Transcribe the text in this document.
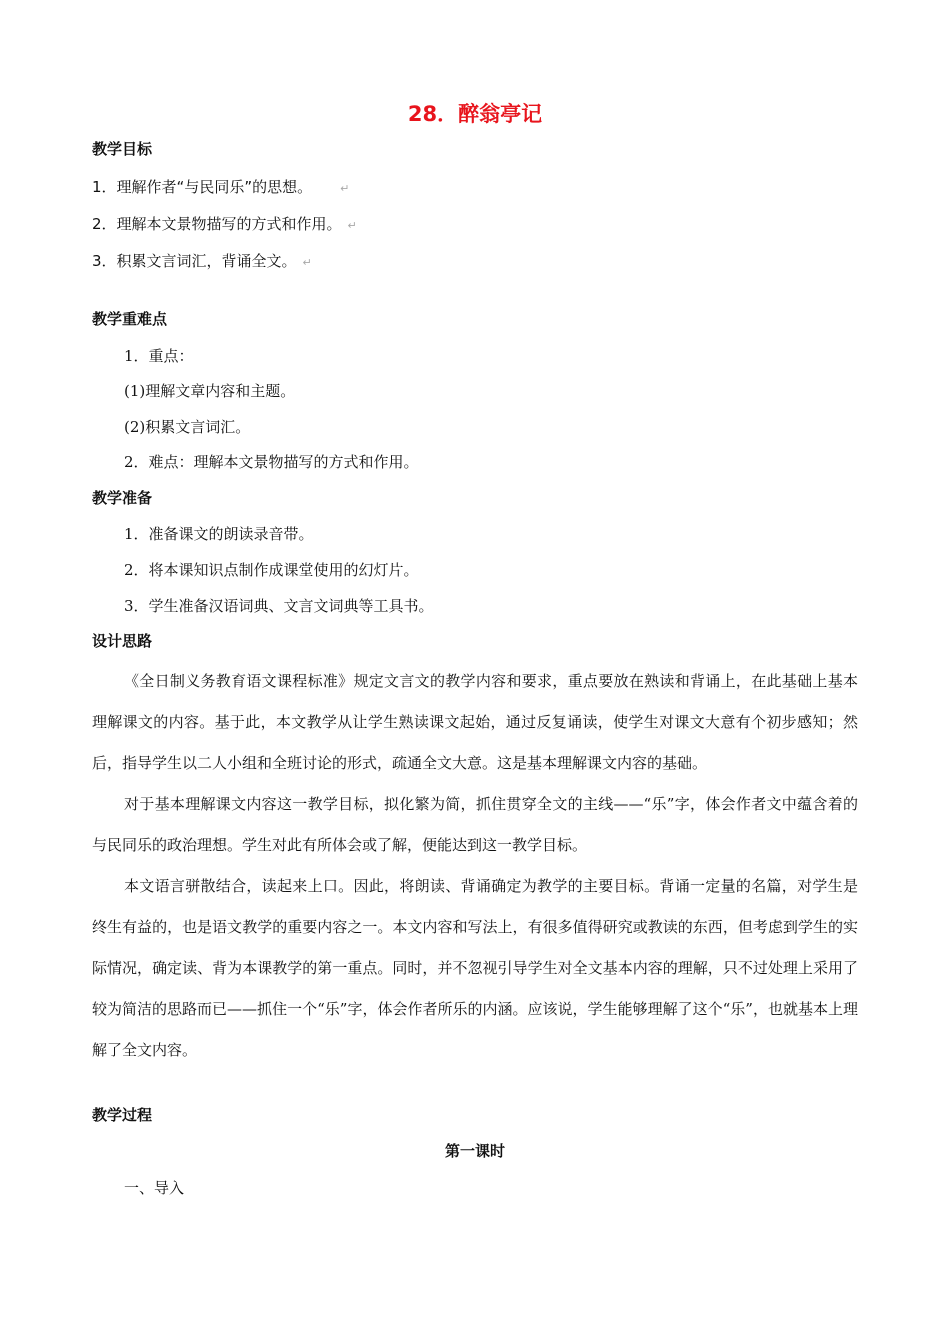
28．醉翁亭记
教学目标
1．理解作者“与民同乐”的思想。	↵
2．理解本文景物描写的方式和作用。 ↵
3．积累文言词汇，背诵全文。 ↵
教学重难点
1．重点：
(1)理解文章内容和主题。
(2)积累文言词汇。
2．难点：理解本文景物描写的方式和作用。
教学准备
1．准备课文的朗读录音带。
2．将本课知识点制作成课堂使用的幻灯片。
3．学生准备汉语词典、文言文词典等工具书。
设计思路

《全日制义务教育语文课程标准》规定文言文的教学内容和要求，重点要放在熟读和背诵上，在此基础上基本理解课文的内容。基于此，本文教学从让学生熟读课文起始，通过反复诵读，使学生对课文大意有个初步感知；然后，指导学生以二人小组和全班讨论的形式，疏通全文大意。这是基本理解课文内容的基础。

对于基本理解课文内容这一教学目标，拟化繁为简，抓住贯穿全文的主线——“乐”字，体会作者文中蕴含着的与民同乐的政治理想。学生对此有所体会或了解，便能达到这一教学目标。

本文语言骈散结合，读起来上口。因此，将朗读、背诵确定为教学的主要目标。背诵一定量的名篇，对学生是终生有益的，也是语文教学的重要内容之一。本文内容和写法上，有很多值得研究或教读的东西，但考虑到学生的实际情况，确定读、背为本课教学的第一重点。同时，并不忽视引导学生对全文基本内容的理解，只不过处理上采用了较为简洁的思路而已——抓住一个“乐”字，体会作者所乐的内涵。应该说，学生能够理解了这个“乐”，也就基本上理解了全文内容。

教学过程
第一课时
一、导入
